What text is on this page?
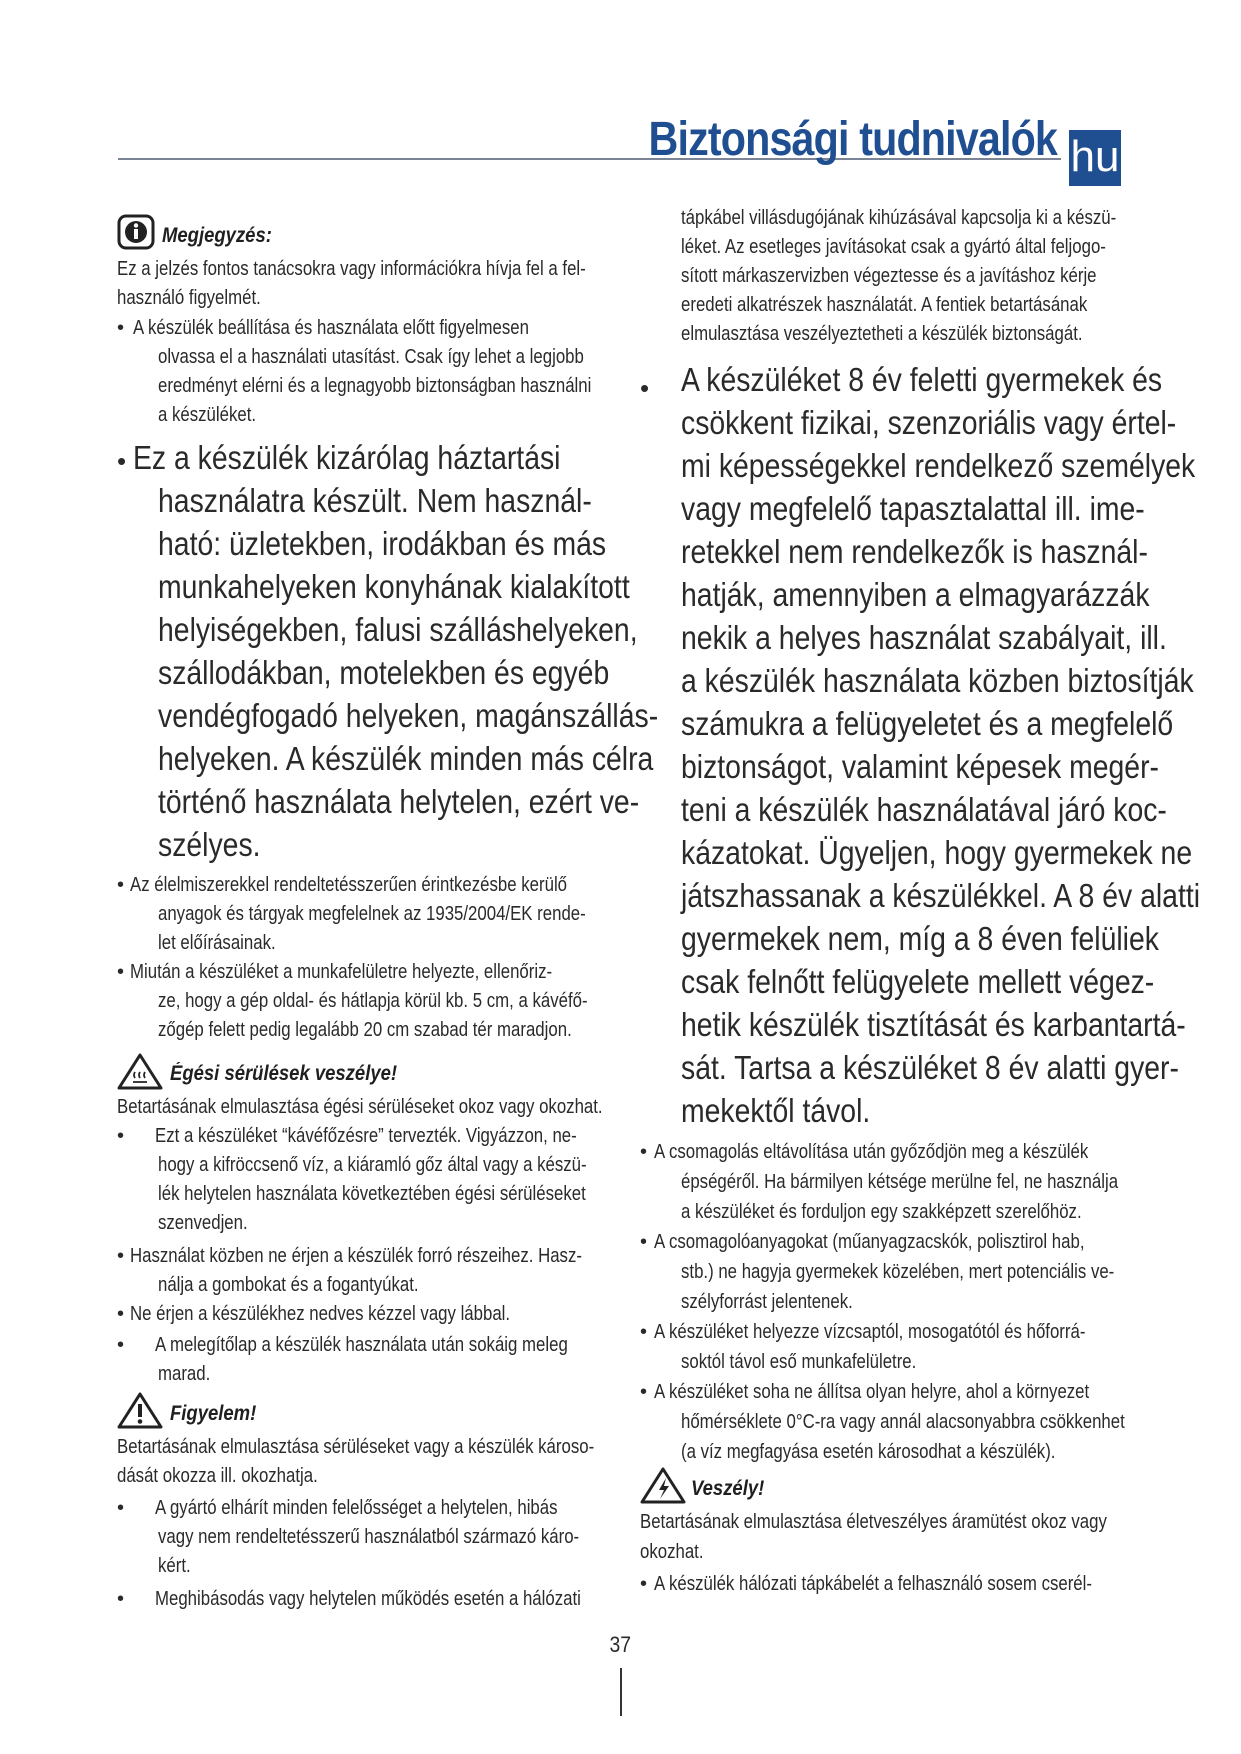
Biztonsági tudnivalók hu
Megjegyzés:

Ez a jelzés fontos tanácsokra vagy információkra hívja fel a fel-

használó figyelmét.

• A készülék beállítása és használata előtt figyelmesen

olvassa el a használati utasítást. Csak így lehet a legjobb

eredményt elérni és a legnagyobb biztonságban használni

a készüléket.

• Ez a készülék kizárólag háztartási

használatra készült. Nem használ-

ható: üzletekben, irodákban és más

munkahelyeken konyhának kialakított

helyiségekben, falusi szálláshelyeken,

szállodákban, motelekben és egyéb

vendégfogadó helyeken, magánszállás-

helyeken. A készülék minden más célra

történő használata helytelen, ezért ve-

szélyes.

• Az élelmiszerekkel rendeltetésszerűen érintkezésbe kerülő

anyagok és tárgyak megfelelnek az 1935/2004/EK rende-

let előírásainak.

• Miután a készüléket a munkafelületre helyezte, ellenőriz-

ze, hogy a gép oldal- és hátlapja körül kb. 5 cm, a kávéfő-

zőgép felett pedig legalább 20 cm szabad tér maradjon.

Égési sérülések veszélye!

Betartásának elmulasztása égési sérüléseket okoz vagy okozhat.

• Ezt a készüléket “kávéfőzésre” tervezték. Vigyázzon, ne-

hogy a kifröccsenő víz, a kiáramló gőz által vagy a készü-

lék helytelen használata következtében égési sérüléseket

szenvedjen.

• Használat közben ne érjen a készülék forró részeihez. Hasz-

nálja a gombokat és a fogantyúkat.

• Ne érjen a készülékhez nedves kézzel vagy lábbal.

• A melegítőlap a készülék használata után sokáig meleg

marad.

Figyelem!

Betartásának elmulasztása sérüléseket vagy a készülék károso-

dását okozza ill. okozhatja.

• A gyártó elhárít minden felelősséget a helytelen, hibás

vagy nem rendeltetésszerű használatból származó káro-

kért.

• Meghibásodás vagy helytelen működés esetén a hálózati

tápkábel villásdugójának kihúzásával kapcsolja ki a készü-

léket. Az esetleges javításokat csak a gyártó által feljogo-

sított márkaszervizben végeztesse és a javításhoz kérje

eredeti alkatrészek használatát. A fentiek betartásának

elmulasztása veszélyeztetheti a készülék biztonságát.

• A készüléket 8 év feletti gyermekek és

csökkent fizikai, szenzoriális vagy értel-

mi képességekkel rendelkező személyek

vagy megfelelő tapasztalattal ill. ime-

retekkel nem rendelkezők is használ-

hatják, amennyiben a elmagyarázzák

nekik a helyes használat szabályait, ill.

a készülék használata közben biztosítják

számukra a felügyeletet és a megfelelő

biztonságot, valamint képesek megér-

teni a készülék használatával járó koc-

kázatokat. Ügyeljen, hogy gyermekek ne

játszhassanak a készülékkel. A 8 év alatti

gyermekek nem, míg a 8 éven felüliek

csak felnőtt felügyelete mellett végez-

hetik készülék tisztítását és karbantartá-

sát. Tartsa a készüléket 8 év alatti gyer-

mekektől távol.

• A csomagolás eltávolítása után győződjön meg a készülék

épségéről. Ha bármilyen kétsége merülne fel, ne használja

a készüléket és forduljon egy szakképzett szerelőhöz.

• A csomagolóanyagokat (műanyagzacskók, polisztirol hab,

stb.) ne hagyja gyermekek közelében, mert potenciális ve-

szélyforrást jelentenek.

• A készüléket helyezze vízcsaptól, mosogatótól és hőforrá-

soktól távol eső munkafelületre.

• A készüléket soha ne állítsa olyan helyre, ahol a környezet

hőmérséklete 0°C-ra vagy annál alacsonyabbra csökkenhet

(a víz megfagyása esetén károsodhat a készülék).

Veszély!

Betartásának elmulasztása életveszélyes áramütést okoz vagy

okozhat.

• A készülék hálózati tápkábelét a felhasználó sosem cserél-

37
